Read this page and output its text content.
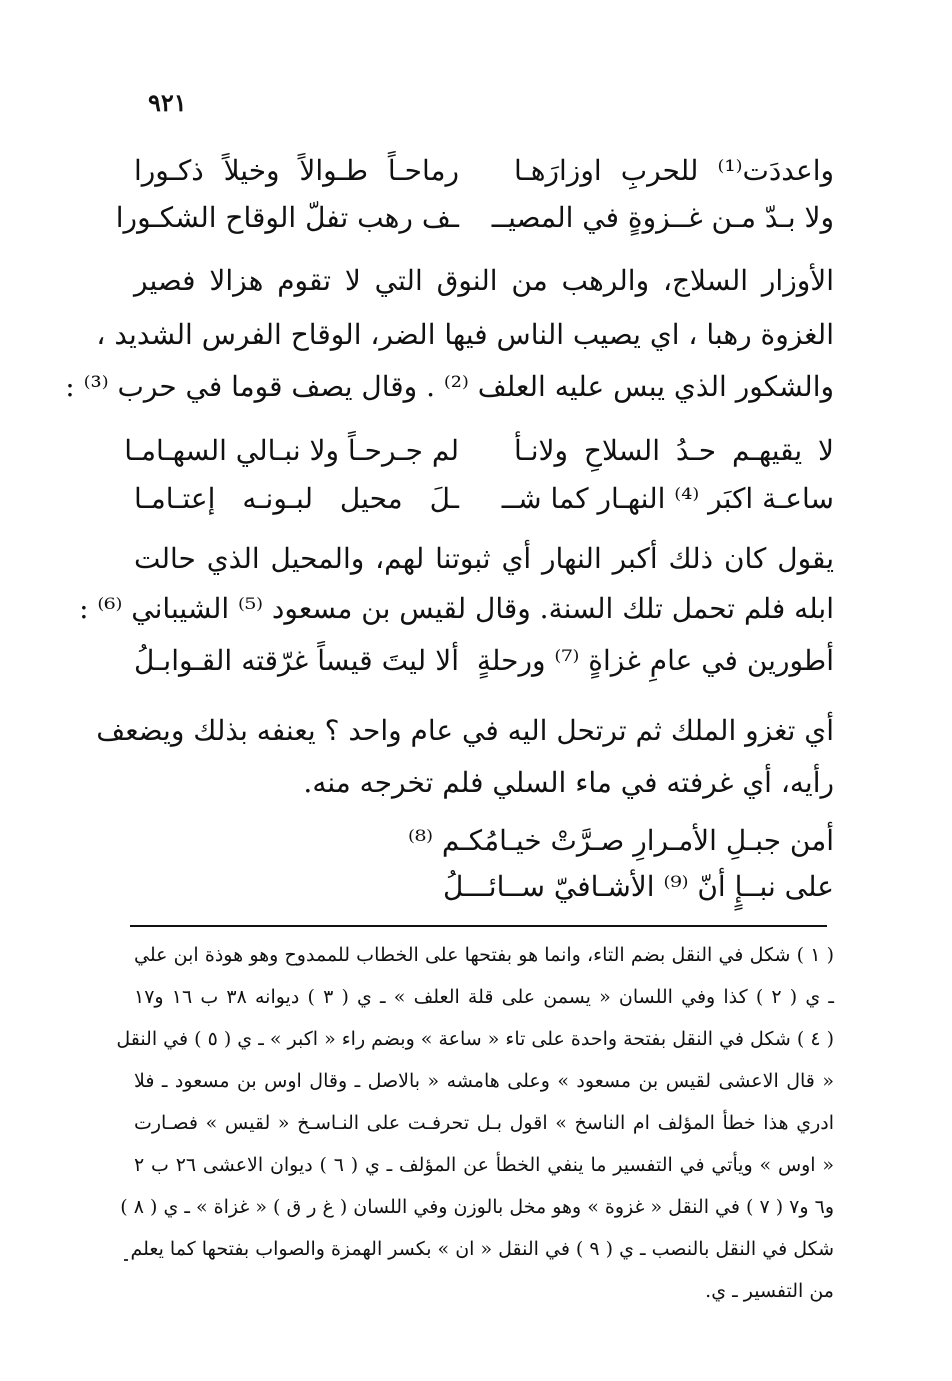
٩٢١
واعددَت⁽¹⁾ للحربِ اوزارَهـا
رماحـاً طـوالاً وخيلاً ذكـورا
ولا بـدّ مـن غــزوةٍ في المصيــ
ـف رهب تفلّ الوقاح الشكـورا
الأوزار السلاج، والرهب من النوق التي لا تقوم هزالا فصير
الغزوة رهبا ، اي يصيب الناس فيها الضر، الوقاح الفرس الشديد ،
والشكور الذي يبس عليه العلف ⁽²⁾ . وقال يصف قوما في حرب ⁽³⁾ :
لا يقيهـم حـدُ السلاحِ ولانـأ
لم جـرحـاً ولا نبـالي السهـامـا
ساعـة اكبَر ⁽⁴⁾ النهـار كما شــ
ـلَ محيل لبـونـه إعتـامـا
يقول كان ذلك أكبر النهار أي ثبوتنا لهم، والمحيل الذي حالت
ابله فلم تحمل تلك السنة. وقال لقيس بن مسعود ⁽⁵⁾ الشيباني ⁽⁶⁾ :
أطورين في عامِ غزاةٍ ⁽⁷⁾ ورحلةٍ
ألا ليتَ قيساً غرّقته القـوابـلُ
أي تغزو الملك ثم ترتحل اليه في عام واحد ؟ يعنفه بذلك ويضعف
رأيه، أي غرفته في ماء السلي فلم تخرجه منه.
أمن جبـلِ الأمـرارِ صـرَّتْ خيـامُكـم ⁽⁸⁾
على نبــإٍ أنّ ⁽⁹⁾ الأشـافيّ ســائـــلُ
( ١ ) شكل في النقل بضم التاء، وانما هو بفتحها على الخطاب للممدوح وهو هوذة ابن علي
ـ ي ( ٢ ) كذا وفي اللسان « يسمن على قلة العلف » ـ ي ( ٣ ) ديوانه ٣٨ ب ١٦ و١٧
( ٤ ) شكل في النقل بفتحة واحدة على تاء « ساعة » وبضم راء « اكبر » ـ ي ( ٥ ) في النقل
« قال الاعشى لقيس بن مسعود » وعلى هامشه « بالاصل ـ وقال اوس بن مسعود ـ فلا
ادري هذا خطأ المؤلف ام الناسخ » اقول بـل تحرفـت على النـاسـخ « لقيس » فصـارت
« اوس » ويأتي في التفسير ما ينفي الخطأ عن المؤلف ـ ي ( ٦ ) ديوان الاعشى ٢٦ ب ٢
و٦ و٧ ( ٧ ) في النقل « غزوة » وهو مخل بالوزن وفي اللسان ( غ ر ق ) « غزاة » ـ ي ( ٨ )
شكل في النقل بالنصب ـ ي ( ٩ ) في النقل « ان » بكسر الهمزة والصواب بفتحها كما يعلم
من التفسير ـ ي.
